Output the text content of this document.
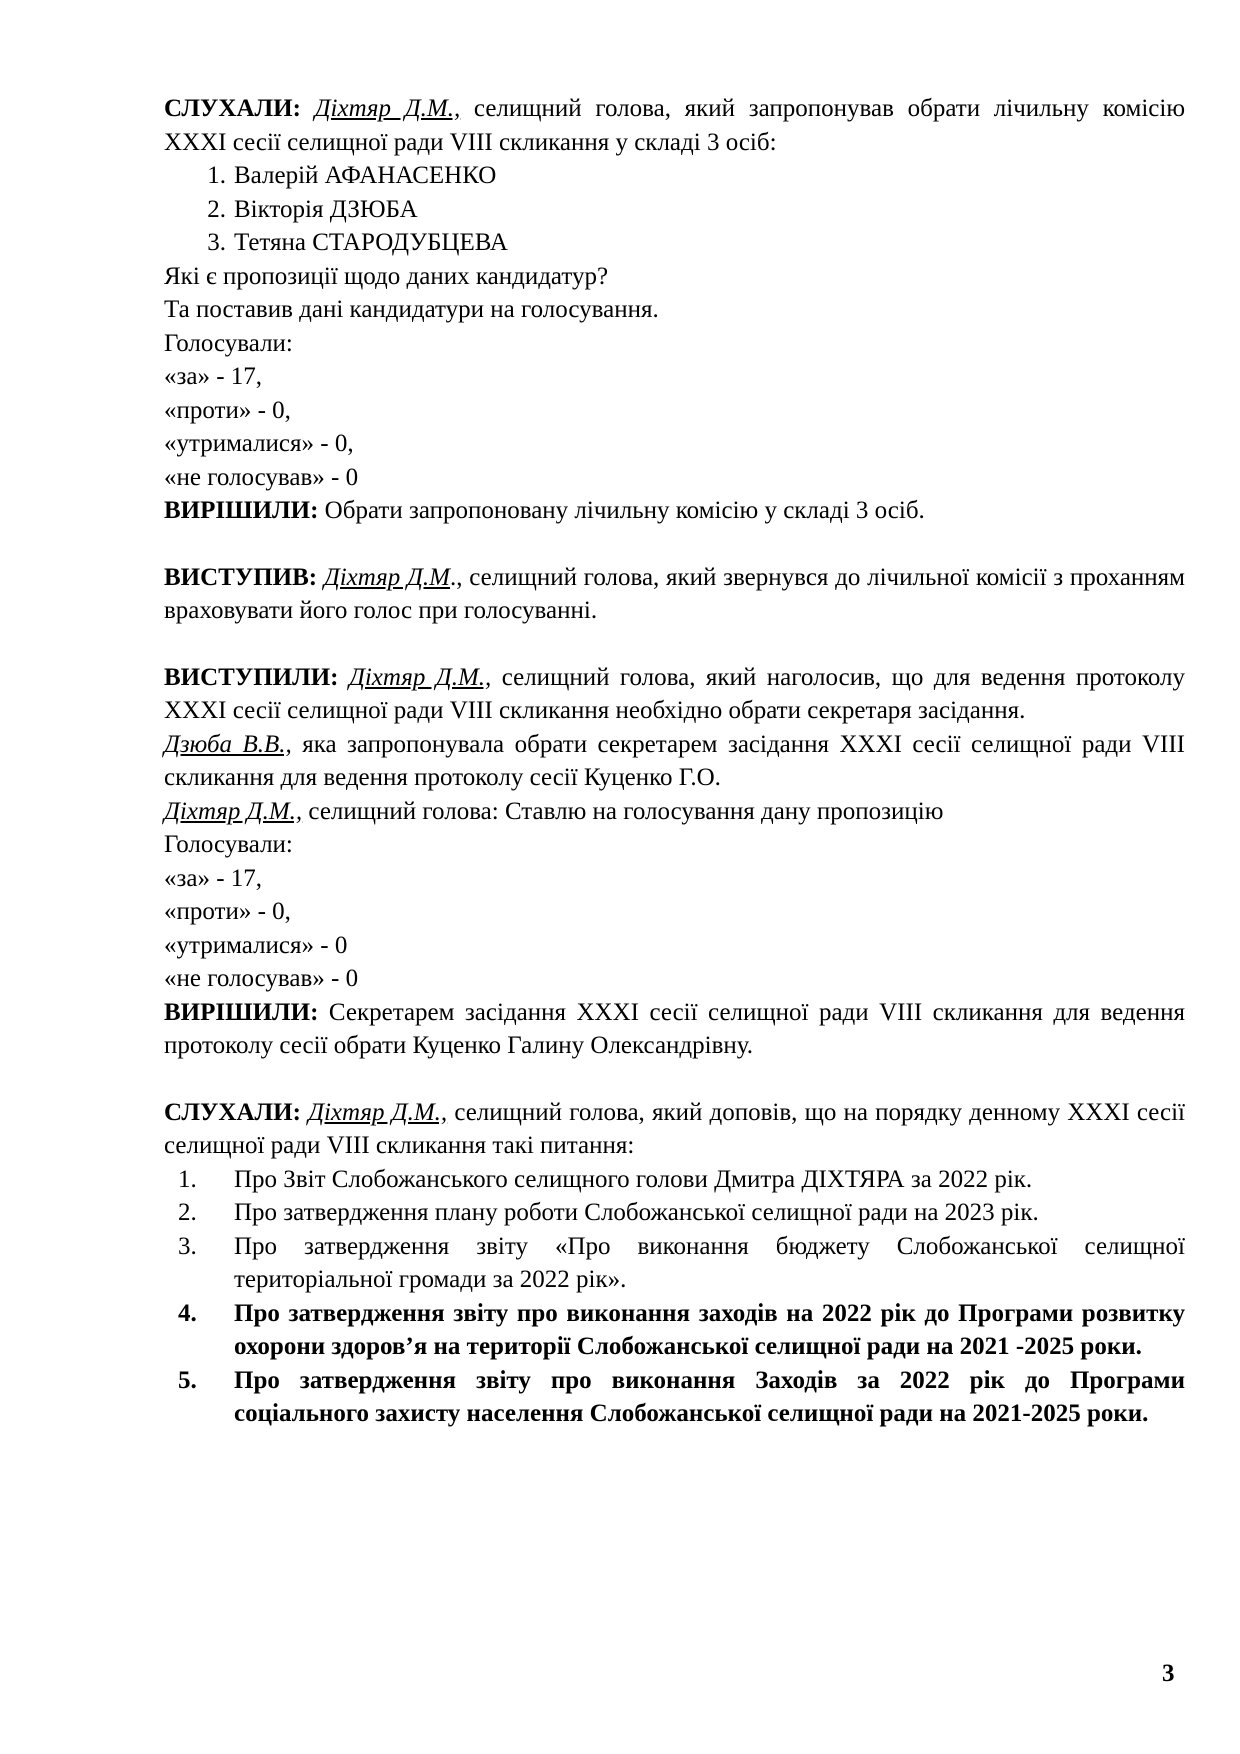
СЛУХАЛИ: Діхтяр Д.М., селищний голова, який запропонував обрати лічильну комісію XXXI сесії селищної ради VIII скликання у складі 3 осіб:

1. Валерій АФАНАСЕНКО
2. Вікторія ДЗЮБА
3. Тетяна СТАРОДУБЦЕВА

Які є пропозиції щодо даних кандидатур?

Та поставив дані кандидатури на голосування.

Голосували:

«за» - 17,

«проти» - 0,

«утрималися» - 0,

«не голосував» - 0

ВИРІШИЛИ: Обрати запропоновану лічильну комісію у складі 3 осіб.

ВИСТУПИВ: Діхтяр Д.М., селищний голова, який звернувся до лічильної комісії з проханням враховувати його голос при голосуванні.

ВИСТУПИЛИ: Діхтяр Д.М., селищний голова, який наголосив, що для ведення протоколу XXXI сесії селищної ради VIII скликання необхідно обрати секретаря засідання.

Дзюба В.В., яка запропонувала обрати секретарем засідання XXXI сесії селищної ради VIII скликання для ведення протоколу сесії Куценко Г.О.

Діхтяр Д.М., селищний голова: Ставлю на голосування дану пропозицію

Голосували:

«за» - 17,

«проти» - 0,

«утрималися» - 0

«не голосував» - 0

ВИРІШИЛИ: Секретарем засідання XXXI сесії селищної ради VIII скликання для ведення протоколу сесії обрати Куценко Галину Олександрівну.

СЛУХАЛИ: Діхтяр Д.М., селищний голова, який доповів, що на порядку денному XXXI сесії селищної ради VIII скликання такі питання:

1.	Про Звіт Слобожанського селищного голови Дмитра ДІХТЯРА за 2022 рік.
2.	Про затвердження плану роботи Слобожанської селищної ради на 2023 рік.
3.	Про затвердження звіту «Про виконання бюджету Слобожанської селищної територіальної громади за 2022 рік».
4.	Про затвердження звіту про виконання заходів на 2022 рік до Програми розвитку охорони здоров’я на території Слобожанської селищної ради на 2021 -2025 роки.
5.	Про затвердження звіту про виконання Заходів за 2022 рік до Програми соціального захисту населення Слобожанської селищної ради на 2021-2025 роки.
3
